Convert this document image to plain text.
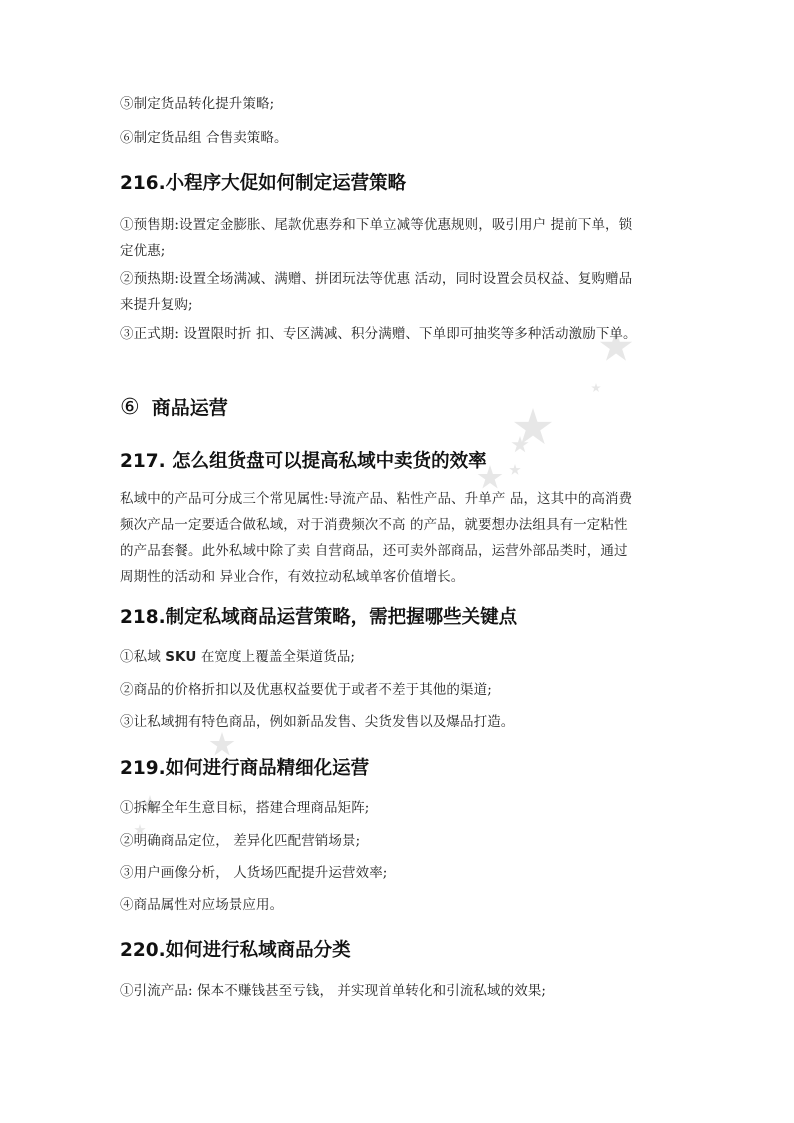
⑤制定货品转化提升策略;
⑥制定货品组 合售卖策略。
216.小程序大促如何制定运营策略
①预售期:设置定金膨胀、尾款优惠券和下单立减等优惠规则，吸引用户 提前下单，锁定优惠;
②预热期:设置全场满减、满赠、拼团玩法等优惠 活动，同时设置会员权益、复购赠品来提升复购;
③正式期: 设置限时折 扣、专区满减、积分满赠、下单即可抽奖等多种活动激励下单。
⑥ 商品运营
217. 怎么组货盘可以提高私域中卖货的效率
私域中的产品可分成三个常见属性:导流产品、粘性产品、升单产 品，这其中的高消费频次产品一定要适合做私域，对于消费频次不高 的产品，就要想办法组具有一定粘性的产品套餐。此外私域中除了卖 自营商品，还可卖外部商品，运营外部品类时，通过周期性的活动和 异业合作，有效拉动私域单客价值增长。
218.制定私域商品运营策略，需把握哪些关键点
①私域 SKU 在宽度上覆盖全渠道货品;
②商品的价格折扣以及优惠权益要优于或者不差于其他的渠道;
③让私域拥有特色商品，例如新品发售、尖货发售以及爆品打造。
219.如何进行商品精细化运营
①拆解全年生意目标，搭建合理商品矩阵;
②明确商品定位， 差异化匹配营销场景;
③用户画像分析， 人货场匹配提升运营效率;
④商品属性对应场景应用。
220.如何进行私域商品分类
①引流产品: 保本不赚钱甚至亏钱， 并实现首单转化和引流私域的效果;
